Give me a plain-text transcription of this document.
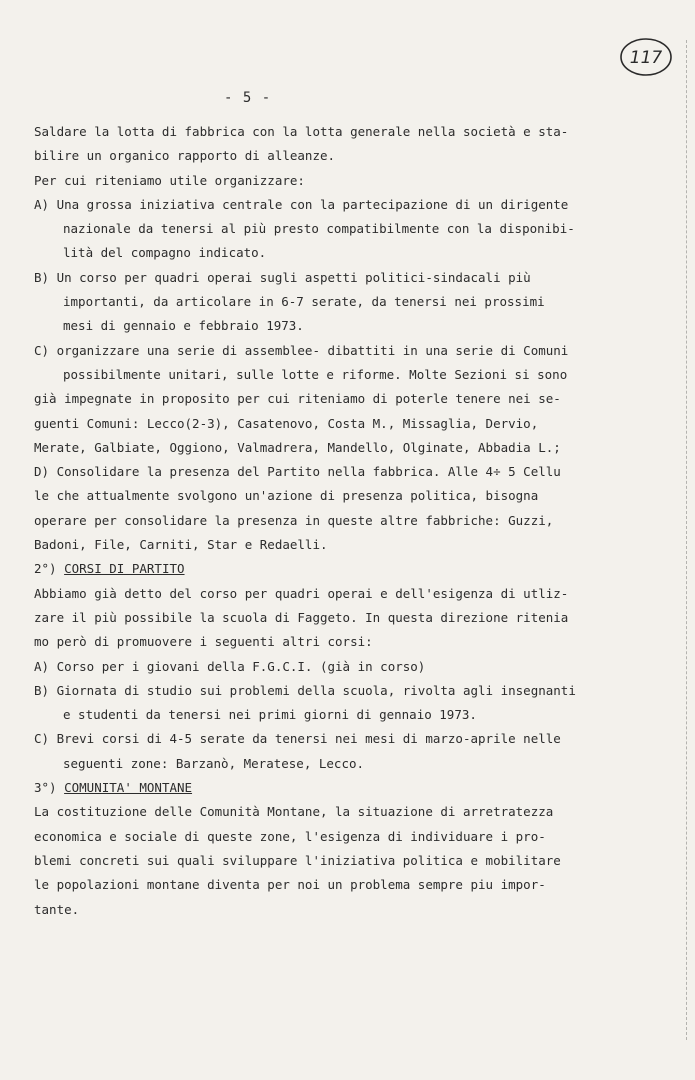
117
- 5 -
Saldare la lotta di fabbrica con la lotta generale nella società e sta-
bilire un organico rapporto di alleanze.
Per cui riteniamo utile organizzare:
A) Una grossa iniziativa centrale con la partecipazione di un dirigente
nazionale da tenersi al più presto compatibilmente con la disponibi-
lità del compagno indicato.
B) Un corso per quadri operai sugli aspetti politici-sindacali più
importanti, da articolare in 6-7 serate, da tenersi nei prossimi
mesi di gennaio e febbraio 1973.
C) organizzare una serie di assemblee- dibattiti in una serie di Comuni
possibilmente unitari, sulle lotte e riforme. Molte Sezioni si sono
già impegnate in proposito per cui riteniamo di poterle tenere nei se-
guenti Comuni: Lecco(2-3), Casatenovo, Costa M., Missaglia, Dervio,
Merate, Galbiate, Oggiono, Valmadrera, Mandello, Olginate, Abbadia L.;
D) Consolidare la presenza del Partito nella fabbrica. Alle 4÷ 5 Cellu
le che attualmente svolgono un'azione di presenza politica, bisogna
operare per consolidare la presenza in queste altre fabbriche: Guzzi,
Badoni, File, Carniti, Star e Redaelli.
2°) CORSI DI PARTITO
Abbiamo già detto del corso per quadri operai e dell'esigenza di utliz-
zare il più possibile la scuola di Faggeto. In questa direzione ritenia
mo però di promuovere i seguenti altri corsi:
A) Corso per i giovani della F.G.C.I. (già in corso)
B) Giornata di studio sui problemi della scuola, rivolta agli insegnanti
e studenti da tenersi nei primi giorni di gennaio 1973.
C) Brevi corsi di 4-5 serate da tenersi nei mesi di marzo-aprile nelle
seguenti zone: Barzanò, Meratese, Lecco.
3°) COMUNITA' MONTANE
La costituzione delle Comunità Montane, la situazione di arretratezza
economica e sociale di queste zone, l'esigenza di individuare i pro-
blemi concreti sui quali sviluppare l'iniziativa politica e mobilitare
le popolazioni montane diventa per noi un problema sempre piu impor-
tante.
